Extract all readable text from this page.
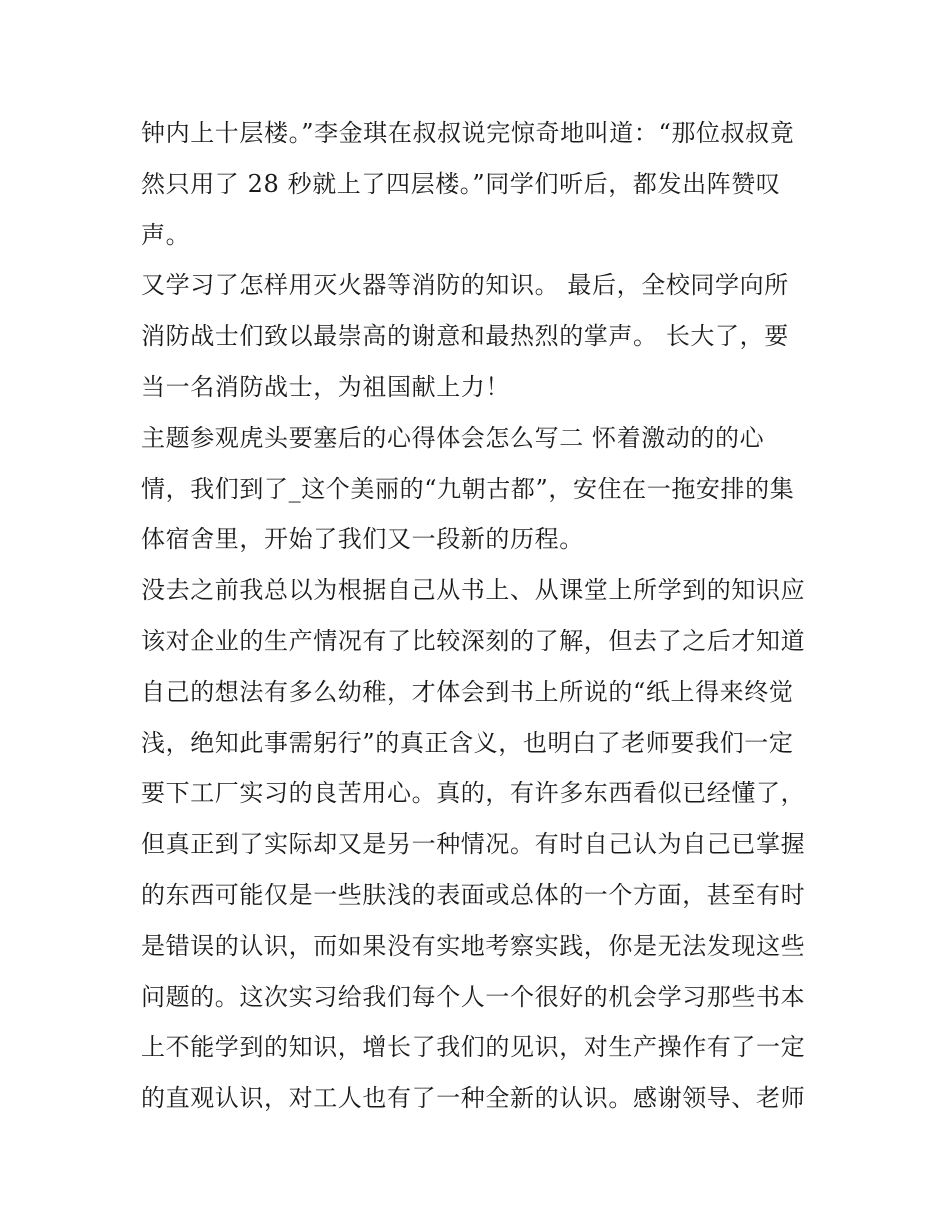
钟内上十层楼。”李金琪在叔叔说完惊奇地叫道：“那位叔叔竟
然只用了 28 秒就上了四层楼。”同学们听后，都发出阵赞叹
声。
又学习了怎样用灭火器等消防的知识。 最后，全校同学向所
消防战士们致以最崇高的谢意和最热烈的掌声。 长大了，要
当一名消防战士，为祖国献上力！
主题参观虎头要塞后的心得体会怎么写二 怀着激动的的心
情，我们到了_这个美丽的“九朝古都”，安住在一拖安排的集
体宿舍里，开始了我们又一段新的历程。
没去之前我总以为根据自己从书上、从课堂上所学到的知识应
该对企业的生产情况有了比较深刻的了解，但去了之后才知道
自己的想法有多么幼稚，才体会到书上所说的“纸上得来终觉
浅，绝知此事需躬行”的真正含义，也明白了老师要我们一定
要下工厂实习的良苦用心。真的，有许多东西看似已经懂了，
但真正到了实际却又是另一种情况。有时自己认为自己已掌握
的东西可能仅是一些肤浅的表面或总体的一个方面，甚至有时
是错误的认识，而如果没有实地考察实践，你是无法发现这些
问题的。这次实习给我们每个人一个很好的机会学习那些书本
上不能学到的知识，增长了我们的见识，对生产操作有了一定
的直观认识，对工人也有了一种全新的认识。感谢领导、老师
